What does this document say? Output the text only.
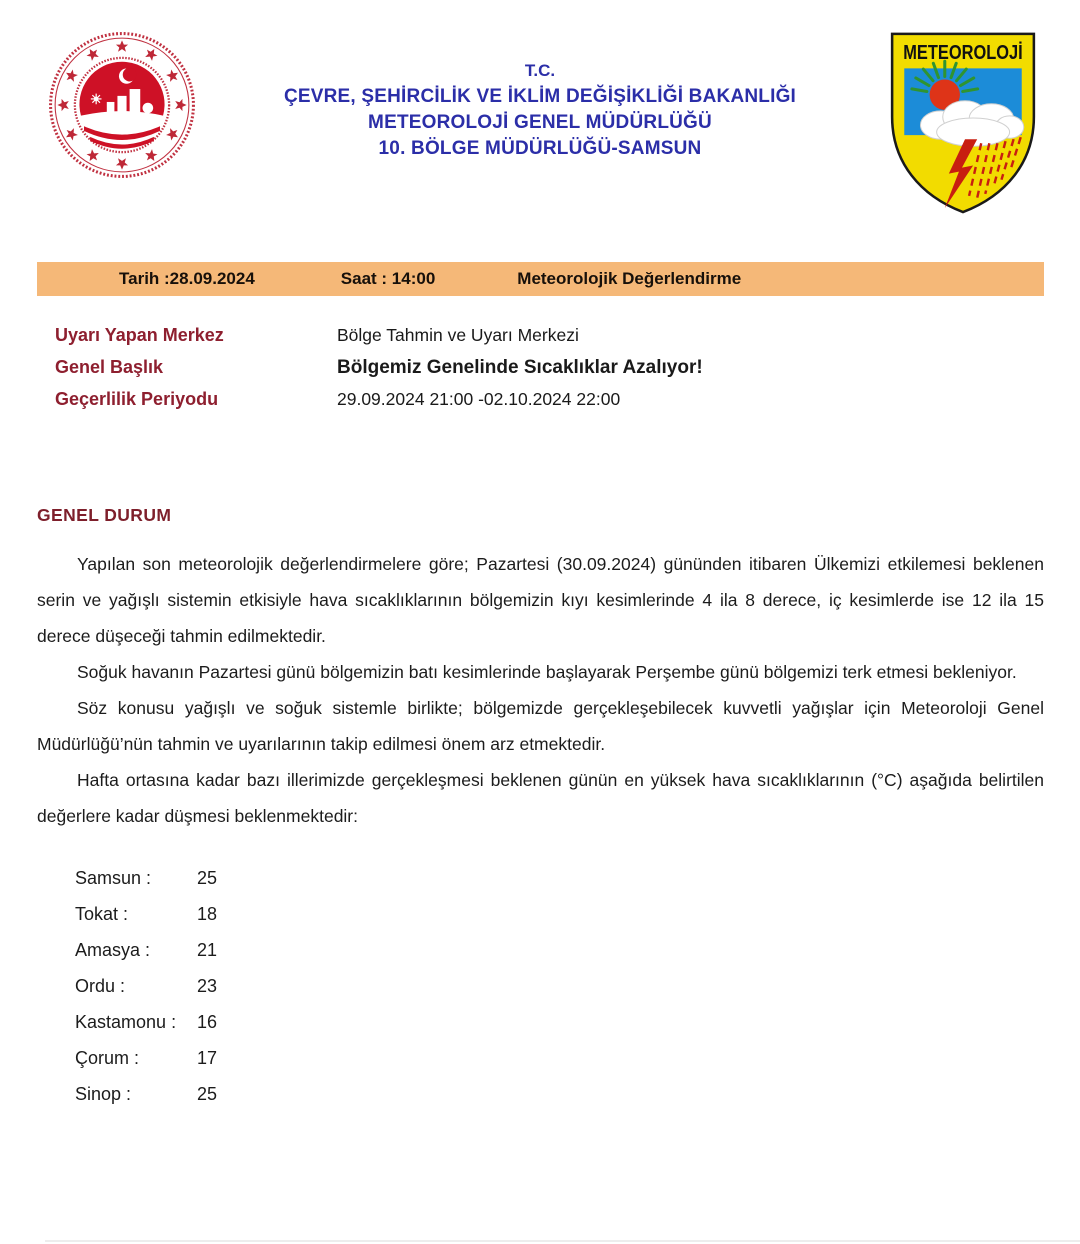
T.C.
ÇEVRE, ŞEHİRCİLİK VE İKLİM DEĞİŞİKLİĞİ BAKANLIĞI
METEOROLOJİ GENEL MÜDÜRLÜĞÜ
10. BÖLGE MÜDÜRLÜĞÜ-SAMSUN
METEOROLOJİ
Tarih :28.09.2024	Saat : 14:00	Meteorolojik Değerlendirme
Uyarı Yapan Merkez	Bölge Tahmin ve Uyarı Merkezi
Genel Başlık	Bölgemiz Genelinde Sıcaklıklar Azalıyor!
Geçerlilik Periyodu	29.09.2024 21:00 -02.10.2024 22:00
GENEL DURUM

Yapılan son meteorolojik değerlendirmelere göre; Pazartesi (30.09.2024) gününden itibaren Ülkemizi etkilemesi beklenen serin ve yağışlı sistemin etkisiyle hava sıcaklıklarının bölgemizin kıyı kesimlerinde 4 ila 8 derece, iç kesimlerde ise 12 ila 15 derece düşeceği tahmin edilmektedir.

Soğuk havanın Pazartesi günü bölgemizin batı kesimlerinde başlayarak Perşembe günü bölgemizi terk etmesi bekleniyor.

Söz konusu yağışlı ve soğuk sistemle birlikte; bölgemizde gerçekleşebilecek kuvvetli yağışlar için Meteoroloji Genel Müdürlüğü’nün tahmin ve uyarılarının takip edilmesi önem arz etmektedir.

Hafta ortasına kadar bazı illerimizde gerçekleşmesi beklenen günün en yüksek hava sıcaklıklarının (°C) aşağıda belirtilen değerlere kadar düşmesi beklenmektedir:

Samsun :	25
Tokat :	18
Amasya :	21
Ordu :	23
Kastamonu :	16
Çorum :	17
Sinop :	25
